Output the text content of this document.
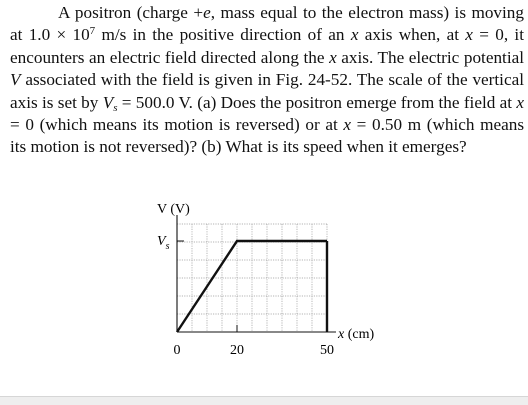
A positron (charge +e, mass equal to the electron mass) is moving at $1.0 \times 10^7$ m/s in the positive direction of an x axis when, at x = 0, it encounters an electric field directed along the x axis. The electric potential V associated with the field is given in Fig. 24-52. The scale of the vertical axis is set by $V_s = 500.0$ V. (a) Does the positron emerge from the field at x = 0 (which means its motion is reversed) or at x = 0.50 m (which means its motion is not reversed)? (b) What is its speed when it emerges?

V (V)
$V_s$
0	20	50
x (cm)
